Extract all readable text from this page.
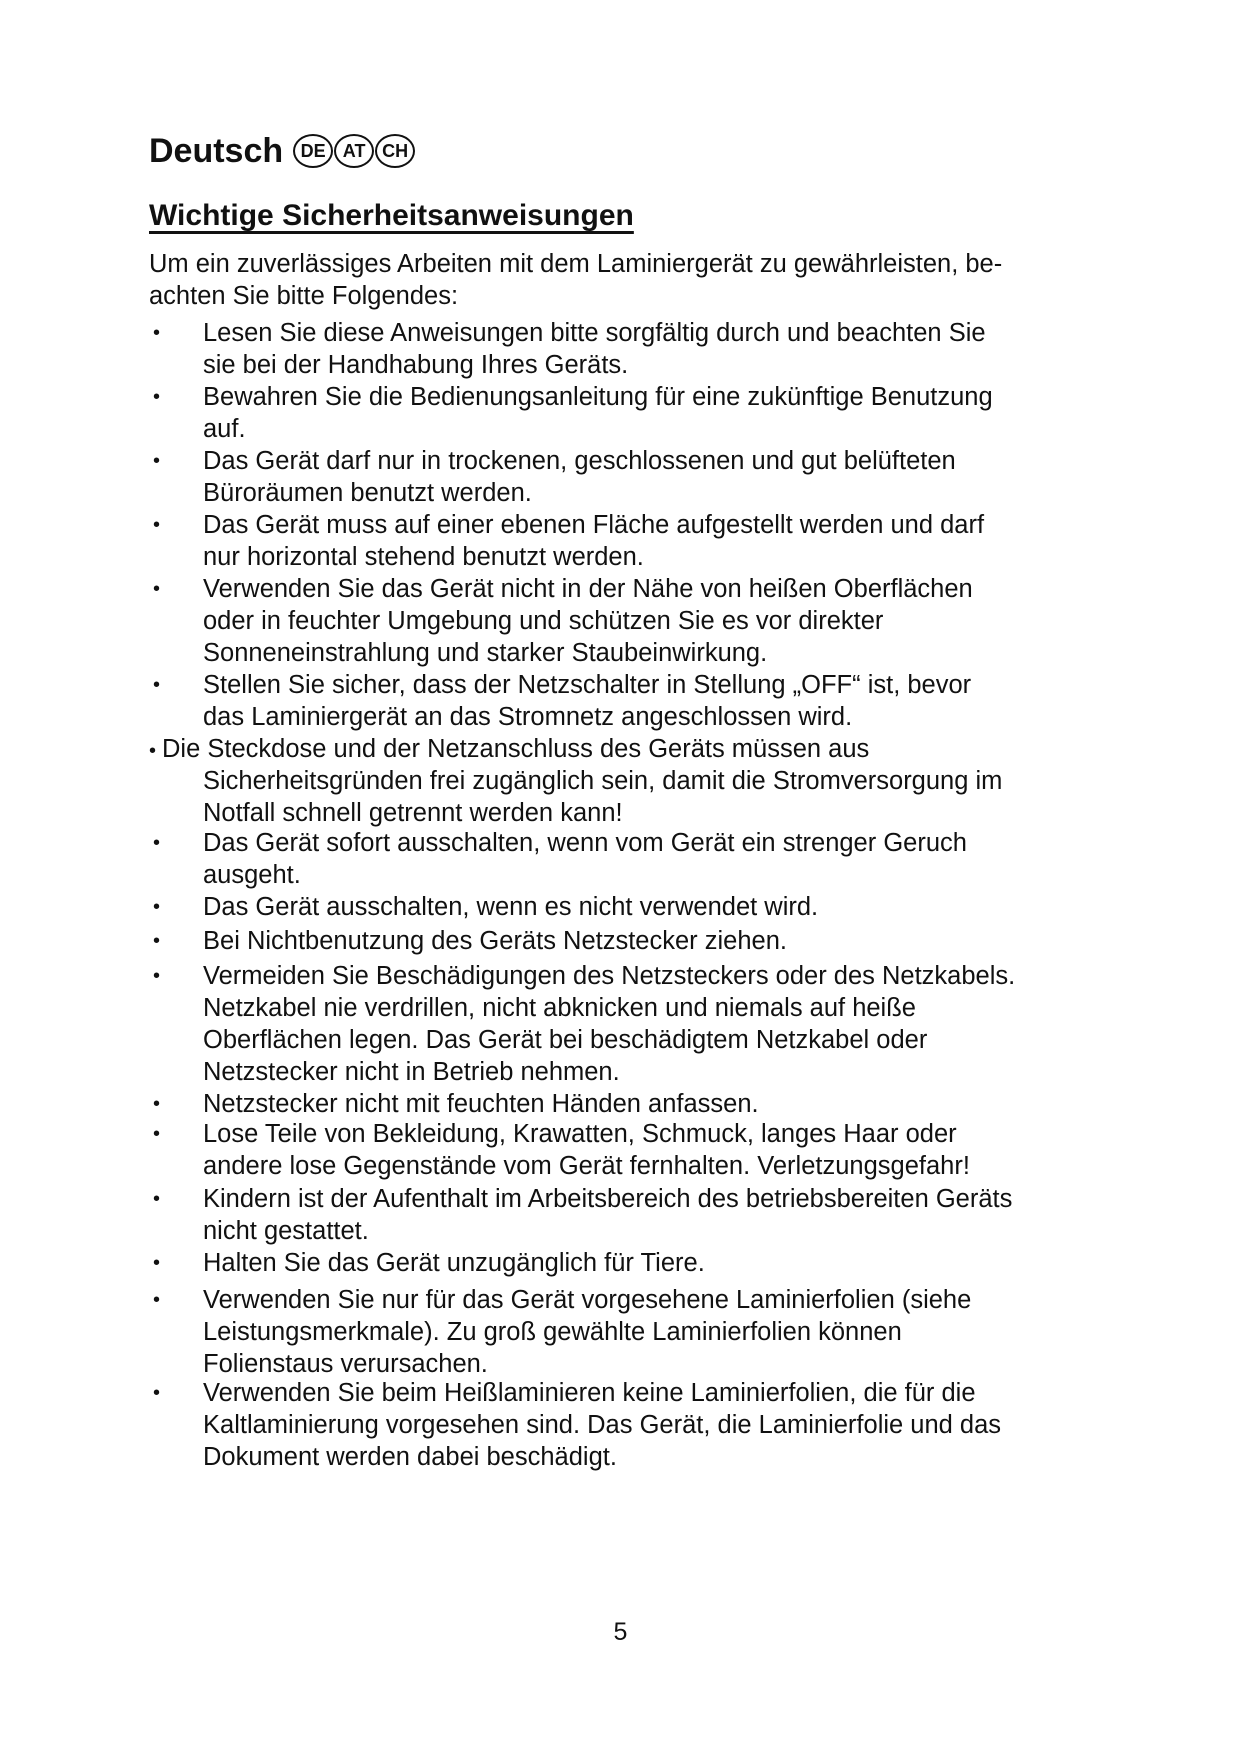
Deutsch DE AT CH
Wichtige Sicherheitsanweisungen
Um ein zuverlässiges Arbeiten mit dem Laminiergerät zu gewährleisten, be-
achten Sie bitte Folgendes:
• Lesen Sie diese Anweisungen bitte sorgfältig durch und beachten Sie
sie bei der Handhabung Ihres Geräts.
• Bewahren Sie die Bedienungsanleitung für eine zukünftige Benutzung
auf.
• Das Gerät darf nur in trockenen, geschlossenen und gut belüfteten
Büroräumen benutzt werden.
• Das Gerät muss auf einer ebenen Fläche aufgestellt werden und darf
nur horizontal stehend benutzt werden.
• Verwenden Sie das Gerät nicht in der Nähe von heißen Oberflächen
oder in feuchter Umgebung und schützen Sie es vor direkter
Sonneneinstrahlung und starker Staubeinwirkung.
• Stellen Sie sicher, dass der Netzschalter in Stellung „OFF“ ist, bevor
das Laminiergerät an das Stromnetz angeschlossen wird.
• Die Steckdose und der Netzanschluss des Geräts müssen aus
Sicherheitsgründen frei zugänglich sein, damit die Stromversorgung im
Notfall schnell getrennt werden kann!
• Das Gerät sofort ausschalten, wenn vom Gerät ein strenger Geruch
ausgeht.
• Das Gerät ausschalten, wenn es nicht verwendet wird.
• Bei Nichtbenutzung des Geräts Netzstecker ziehen.
• Vermeiden Sie Beschädigungen des Netzsteckers oder des Netzkabels.
Netzkabel nie verdrillen, nicht abknicken und niemals auf heiße
Oberflächen legen. Das Gerät bei beschädigtem Netzkabel oder
Netzstecker nicht in Betrieb nehmen.
• Netzstecker nicht mit feuchten Händen anfassen.
• Lose Teile von Bekleidung, Krawatten, Schmuck, langes Haar oder
andere lose Gegenstände vom Gerät fernhalten. Verletzungsgefahr!
• Kindern ist der Aufenthalt im Arbeitsbereich des betriebsbereiten Geräts
nicht gestattet.
• Halten Sie das Gerät unzugänglich für Tiere.
• Verwenden Sie nur für das Gerät vorgesehene Laminierfolien (siehe
Leistungsmerkmale). Zu groß gewählte Laminierfolien können
Folienstaus verursachen.
• Verwenden Sie beim Heißlaminieren keine Laminierfolien, die für die
Kaltlaminierung vorgesehen sind. Das Gerät, die Laminierfolie und das
Dokument werden dabei beschädigt.
5
